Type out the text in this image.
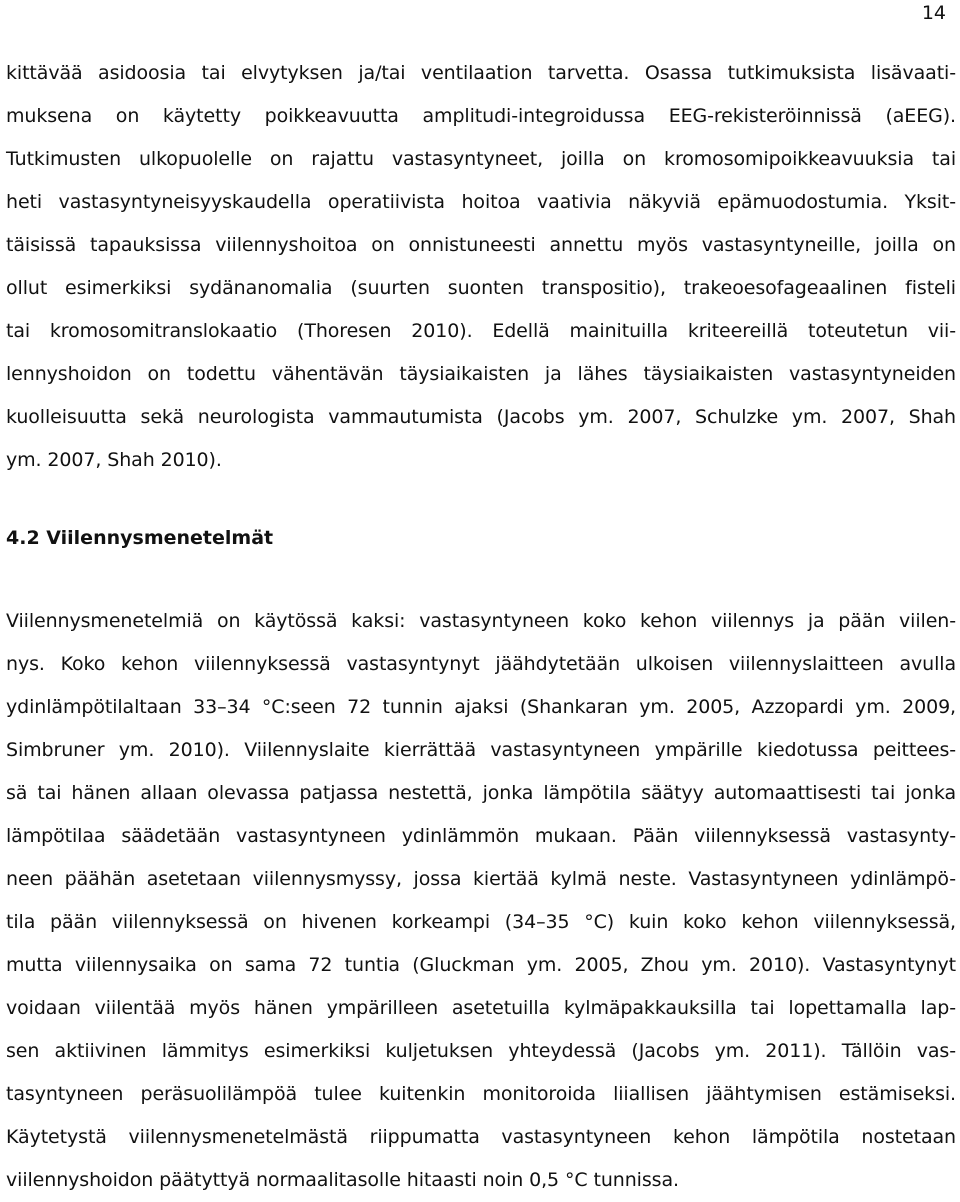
14
kittävää asidoosia tai elvytyksen ja/tai ventilaation tarvetta. Osassa tutkimuksista lisävaati-
muksena on käytetty poikkeavuutta amplitudi-integroidussa EEG-rekisteröinnissä (aEEG).
Tutkimusten ulkopuolelle on rajattu vastasyntyneet, joilla on kromosomipoikkeavuuksia tai
heti vastasyntyneisyyskaudella operatiivista hoitoa vaativia näkyviä epämuodostumia. Yksit-
täisissä tapauksissa viilennyshoitoa on onnistuneesti annettu myös vastasyntyneille, joilla on
ollut esimerkiksi sydänanomalia (suurten suonten transpositio), trakeoesofageaalinen fisteli
tai kromosomitranslokaatio (Thoresen 2010). Edellä mainituilla kriteereillä toteutetun vii-
lennyshoidon on todettu vähentävän täysiaikaisten ja lähes täysiaikaisten vastasyntyneiden
kuolleisuutta sekä neurologista vammautumista (Jacobs ym. 2007, Schulzke ym. 2007, Shah
ym. 2007, Shah 2010).
4.2 Viilennysmenetelmät
Viilennysmenetelmiä on käytössä kaksi: vastasyntyneen koko kehon viilennys ja pään viilen-
nys. Koko kehon viilennyksessä vastasyntynyt jäähdytetään ulkoisen viilennyslaitteen avulla
ydinlämpötilaltaan 33–34 °C:seen 72 tunnin ajaksi (Shankaran ym. 2005, Azzopardi ym. 2009,
Simbruner ym. 2010). Viilennyslaite kierrättää vastasyntyneen ympärille kiedotussa peittees-
sä tai hänen allaan olevassa patjassa nestettä, jonka lämpötila säätyy automaattisesti tai jonka
lämpötilaa säädetään vastasyntyneen ydinlämmön mukaan. Pään viilennyksessä vastasynty-
neen päähän asetetaan viilennysmyssy, jossa kiertää kylmä neste. Vastasyntyneen ydinlämpö-
tila pään viilennyksessä on hivenen korkeampi (34–35 °C) kuin koko kehon viilennyksessä,
mutta viilennysaika on sama 72 tuntia (Gluckman ym. 2005, Zhou ym. 2010). Vastasyntynyt
voidaan viilentää myös hänen ympärilleen asetetuilla kylmäpakkauksilla tai lopettamalla lap-
sen aktiivinen lämmitys esimerkiksi kuljetuksen yhteydessä (Jacobs ym. 2011). Tällöin vas-
tasyntyneen peräsuolilämpöä tulee kuitenkin monitoroida liiallisen jäähtymisen estämiseksi.
Käytetystä viilennysmenetelmästä riippumatta vastasyntyneen kehon lämpötila nostetaan
viilennyshoidon päätyttyä normaalitasolle hitaasti noin 0,5 °C tunnissa.
